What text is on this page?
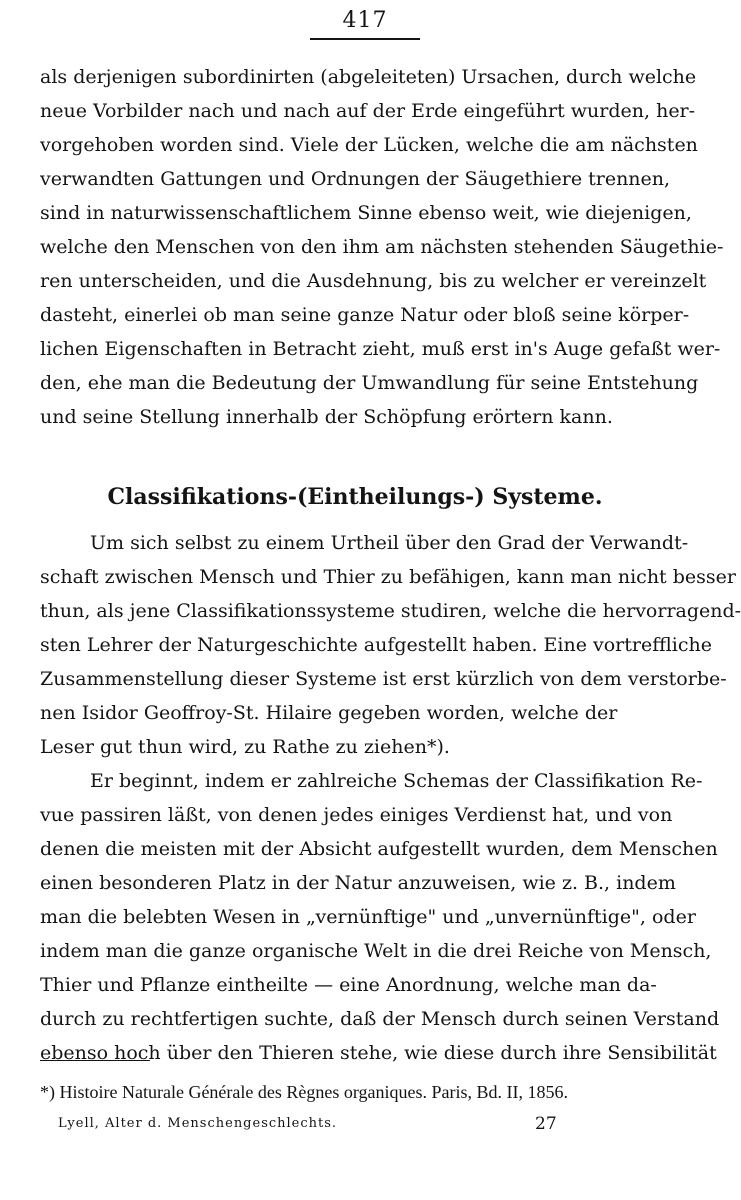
417

als derjenigen subordinirten (abgeleiteten) Ursachen, durch welche

neue Vorbilder nach und nach auf der Erde eingeführt wurden, her-

vorgehoben worden sind. Viele der Lücken, welche die am nächsten

verwandten Gattungen und Ordnungen der Säugethiere trennen,

sind in naturwissenschaftlichem Sinne ebenso weit, wie diejenigen,

welche den Menschen von den ihm am nächsten stehenden Säugethie-

ren unterscheiden, und die Ausdehnung, bis zu welcher er vereinzelt

dasteht, einerlei ob man seine ganze Natur oder bloß seine körper-

lichen Eigenschaften in Betracht zieht, muß erst in's Auge gefaßt wer-

den, ehe man die Bedeutung der Umwandlung für seine Entstehung

und seine Stellung innerhalb der Schöpfung erörtern kann.

Classifikations-(Eintheilungs-) Systeme.

Um sich selbst zu einem Urtheil über den Grad der Verwandt-

schaft zwischen Mensch und Thier zu befähigen, kann man nicht besser

thun, als jene Classifikationssysteme studiren, welche die hervorragend-

sten Lehrer der Naturgeschichte aufgestellt haben. Eine vortreffliche

Zusammenstellung dieser Systeme ist erst kürzlich von dem verstorbe-

nen Isidor Geoffroy-St. Hilaire gegeben worden, welche der

Leser gut thun wird, zu Rathe zu ziehen*).

Er beginnt, indem er zahlreiche Schemas der Classifikation Re-

vue passiren läßt, von denen jedes einiges Verdienst hat, und von

denen die meisten mit der Absicht aufgestellt wurden, dem Menschen

einen besonderen Platz in der Natur anzuweisen, wie z. B., indem

man die belebten Wesen in „vernünftige" und „unvernünftige", oder

indem man die ganze organische Welt in die drei Reiche von Mensch,

Thier und Pflanze eintheilte — eine Anordnung, welche man da-

durch zu rechtfertigen suchte, daß der Mensch durch seinen Verstand

ebenso hoch über den Thieren stehe, wie diese durch ihre Sensibilität

*) Histoire Naturale Générale des Règnes organiques. Paris, Bd. II, 1856.
Lyell, Alter d. Menschengeschlechts.	27
